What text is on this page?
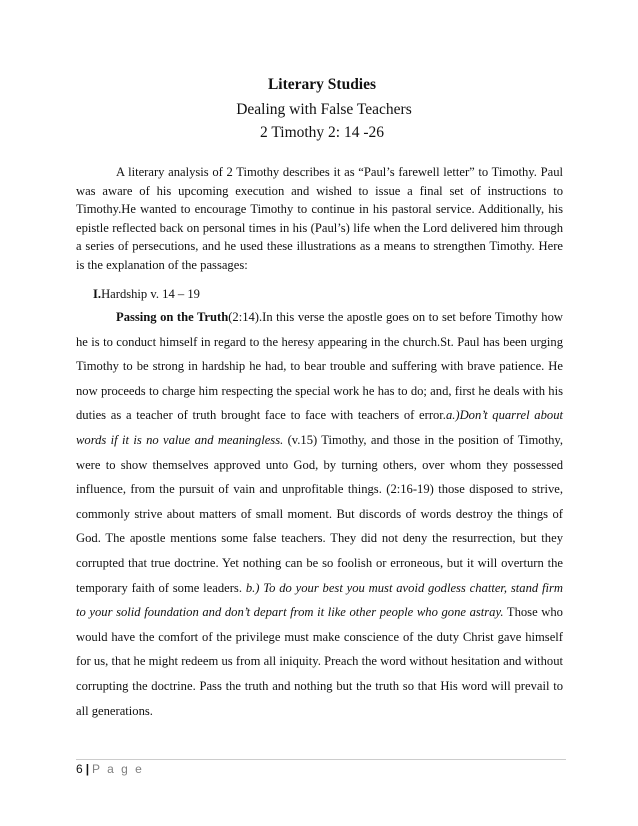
Literary Studies
Dealing with False Teachers
2 Timothy 2: 14 -26

A literary analysis of 2 Timothy describes it as “Paul’s farewell letter” to Timothy. Paul was aware of his upcoming execution and wished to issue a final set of instructions to Timothy.He wanted to encourage Timothy to continue in his pastoral service. Additionally, his epistle reflected back on personal times in his (Paul’s) life when the Lord delivered him through a series of persecutions, and he used these illustrations as a means to strengthen Timothy. Here is the explanation of the passages:

I.Hardship v. 14 – 19

Passing on the Truth(2:14).In this verse the apostle goes on to set before Timothy how he is to conduct himself in regard to the heresy appearing in the church.St. Paul has been urging Timothy to be strong in hardship he had, to bear trouble and suffering with brave patience. He now proceeds to charge him respecting the special work he has to do; and, first he deals with his duties as a teacher of truth brought face to face with teachers of error.a.)Don’t quarrel about words if it is no value and meaningless. (v.15) Timothy, and those in the position of Timothy, were to show themselves approved unto God, by turning others, over whom they possessed influence, from the pursuit of vain and unprofitable things. (2:16-19) those disposed to strive, commonly strive about matters of small moment. But discords of words destroy the things of God. The apostle mentions some false teachers. They did not deny the resurrection, but they corrupted that true doctrine. Yet nothing can be so foolish or erroneous, but it will overturn the temporary faith of some leaders. b.) To do your best you must avoid godless chatter, stand firm to your solid foundation and don’t depart from it like other people who gone astray. Those who would have the comfort of the privilege must make conscience of the duty Christ gave himself for us, that he might redeem us from all iniquity. Preach the word without hesitation and without corrupting the doctrine. Pass the truth and nothing but the truth so that His word will prevail to all generations.

6 | P a g e
